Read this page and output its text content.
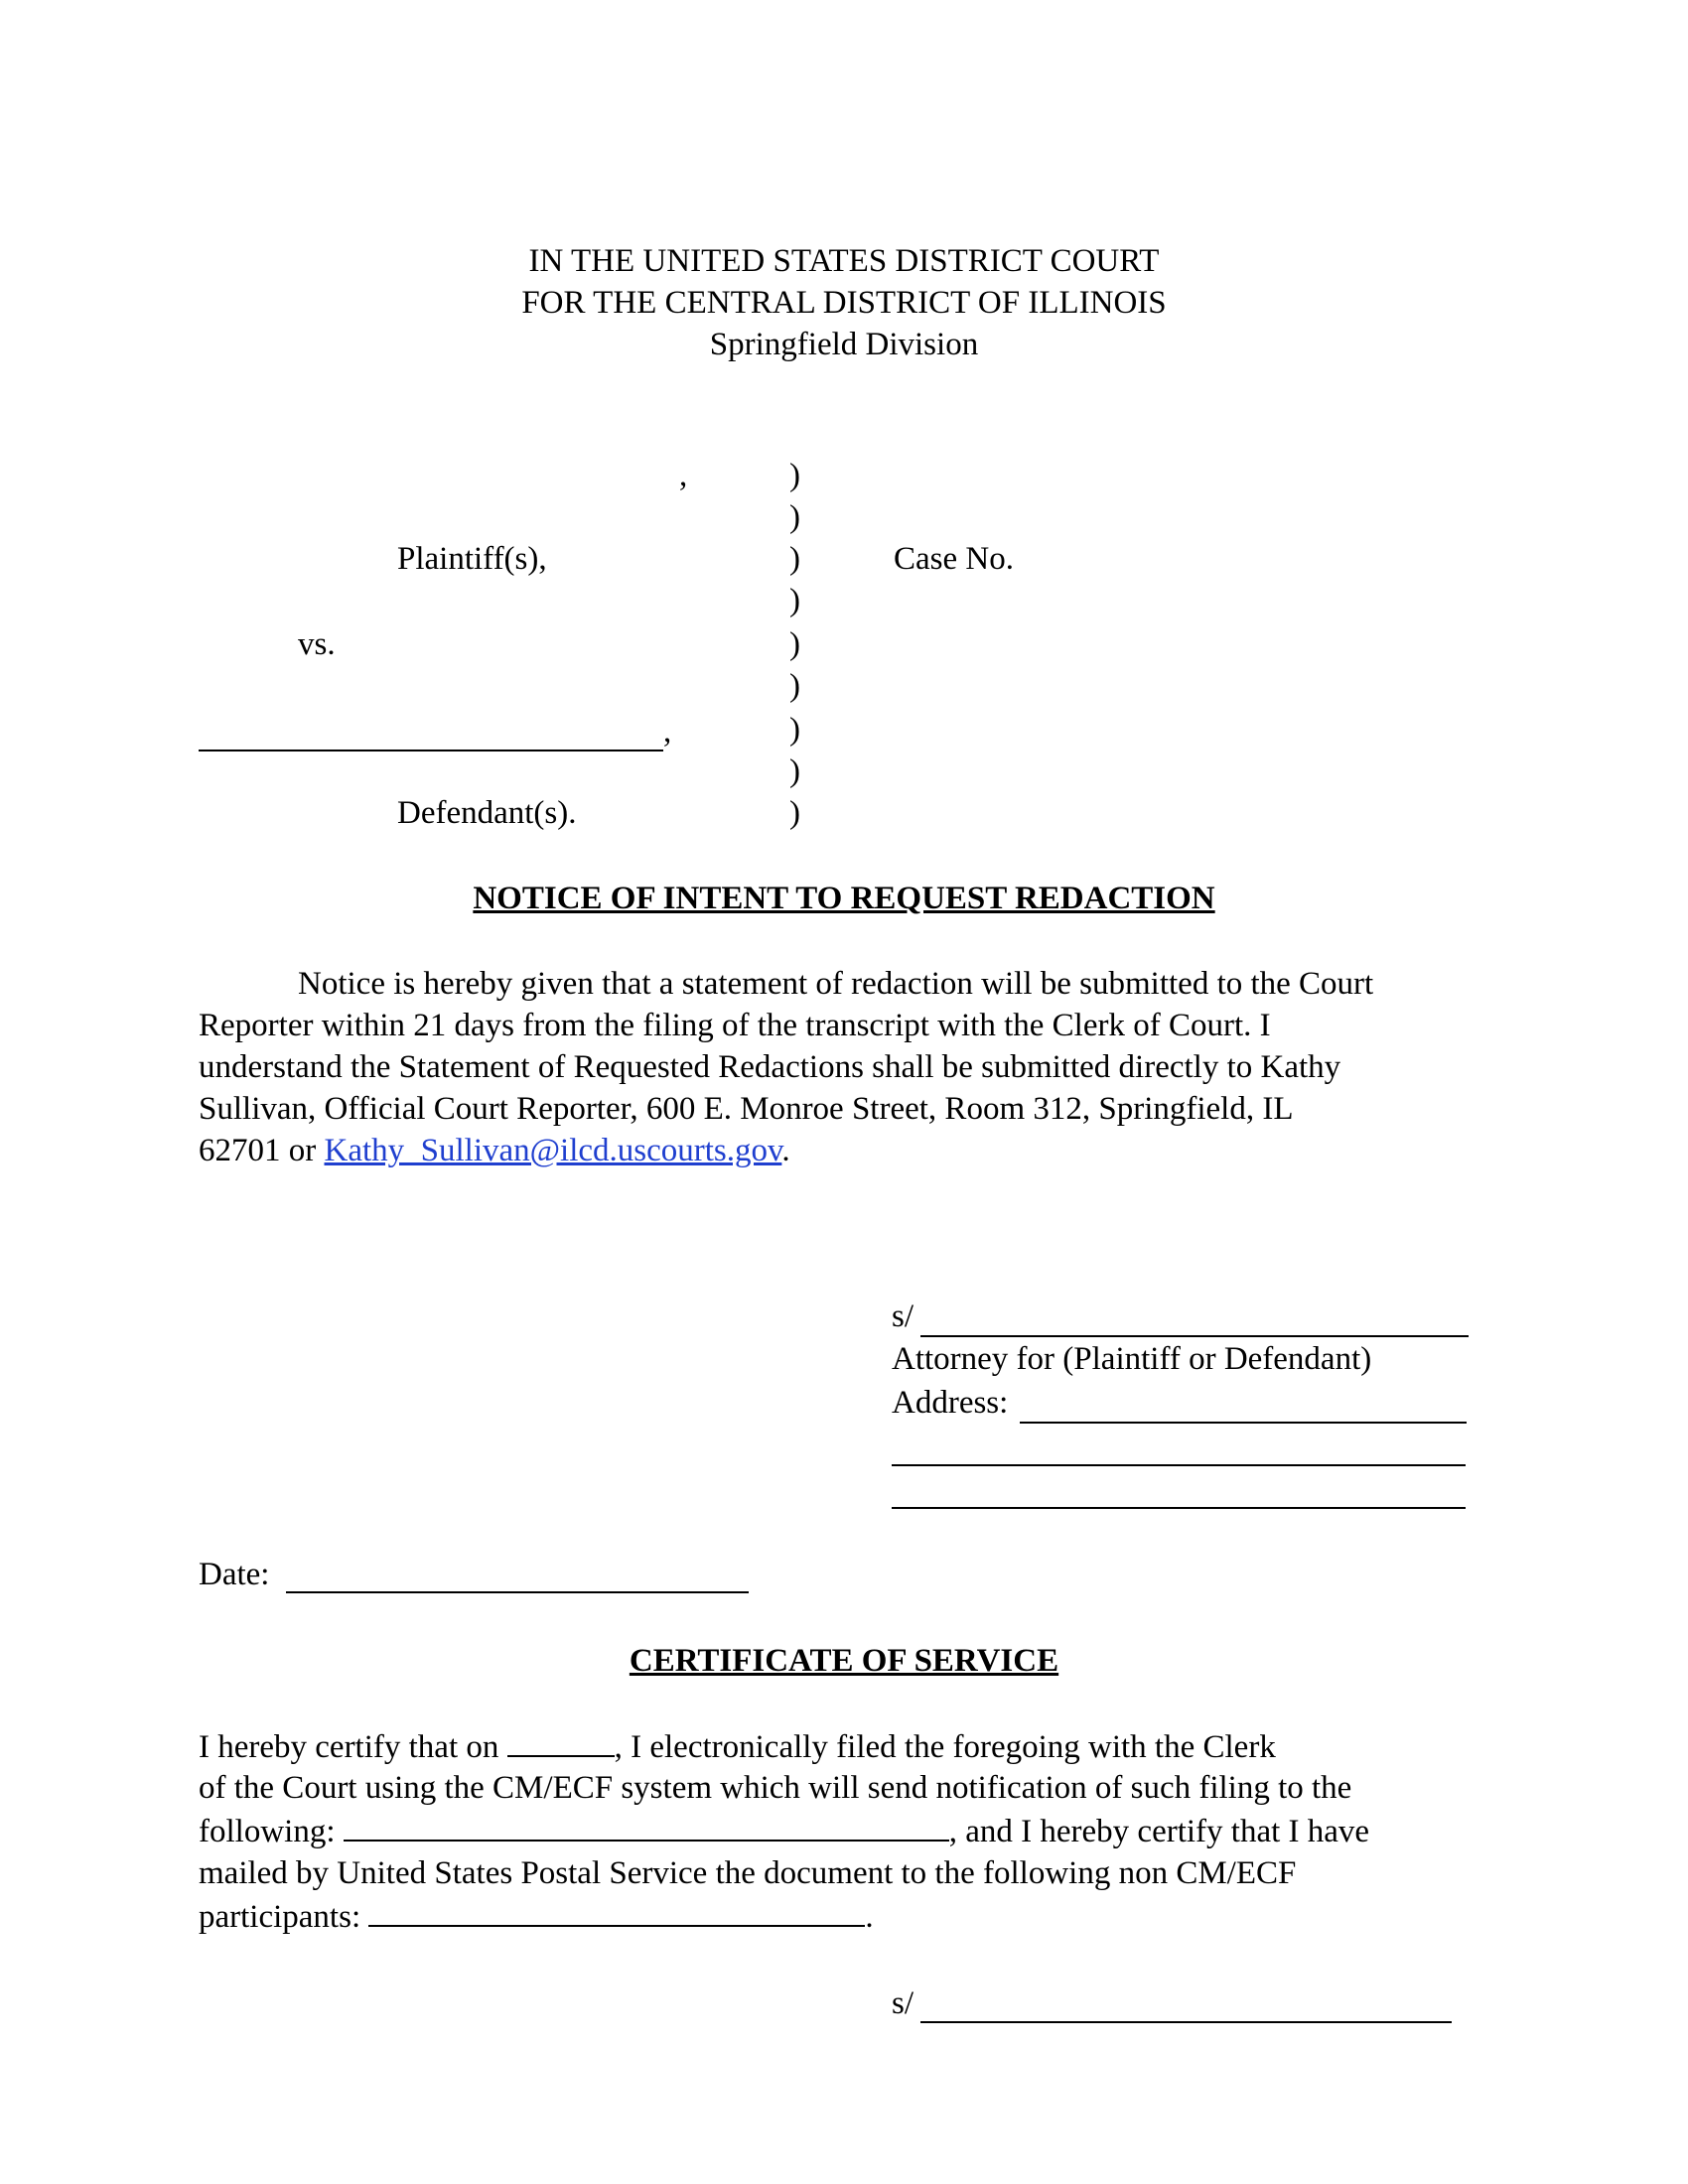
IN THE UNITED STATES DISTRICT COURT
FOR THE CENTRAL DISTRICT OF ILLINOIS
Springfield Division
,
Plaintiff(s),
vs.
,
Defendant(s).
Case No.
)
)
)
)
)
)
)
)
)
NOTICE OF INTENT TO REQUEST REDACTION
Notice is hereby given that a statement of redaction will be submitted to the Court
Reporter within 21 days from the filing of the transcript with the Clerk of Court. I
understand the Statement of Requested Redactions shall be submitted directly to Kathy
Sullivan, Official Court Reporter, 600 E. Monroe Street, Room 312, Springfield, IL
62701 or Kathy_Sullivan@ilcd.uscourts.gov.
s/
Attorney for (Plaintiff or Defendant)
Address:
Date:
CERTIFICATE OF SERVICE
I hereby certify that on	, I electronically filed the foregoing with the Clerk
of the Court using the CM/ECF system which will send notification of such filing to the
following:	, and I hereby certify that I have
mailed by United States Postal Service the document to the following non CM/ECF
participants:	.
s/
